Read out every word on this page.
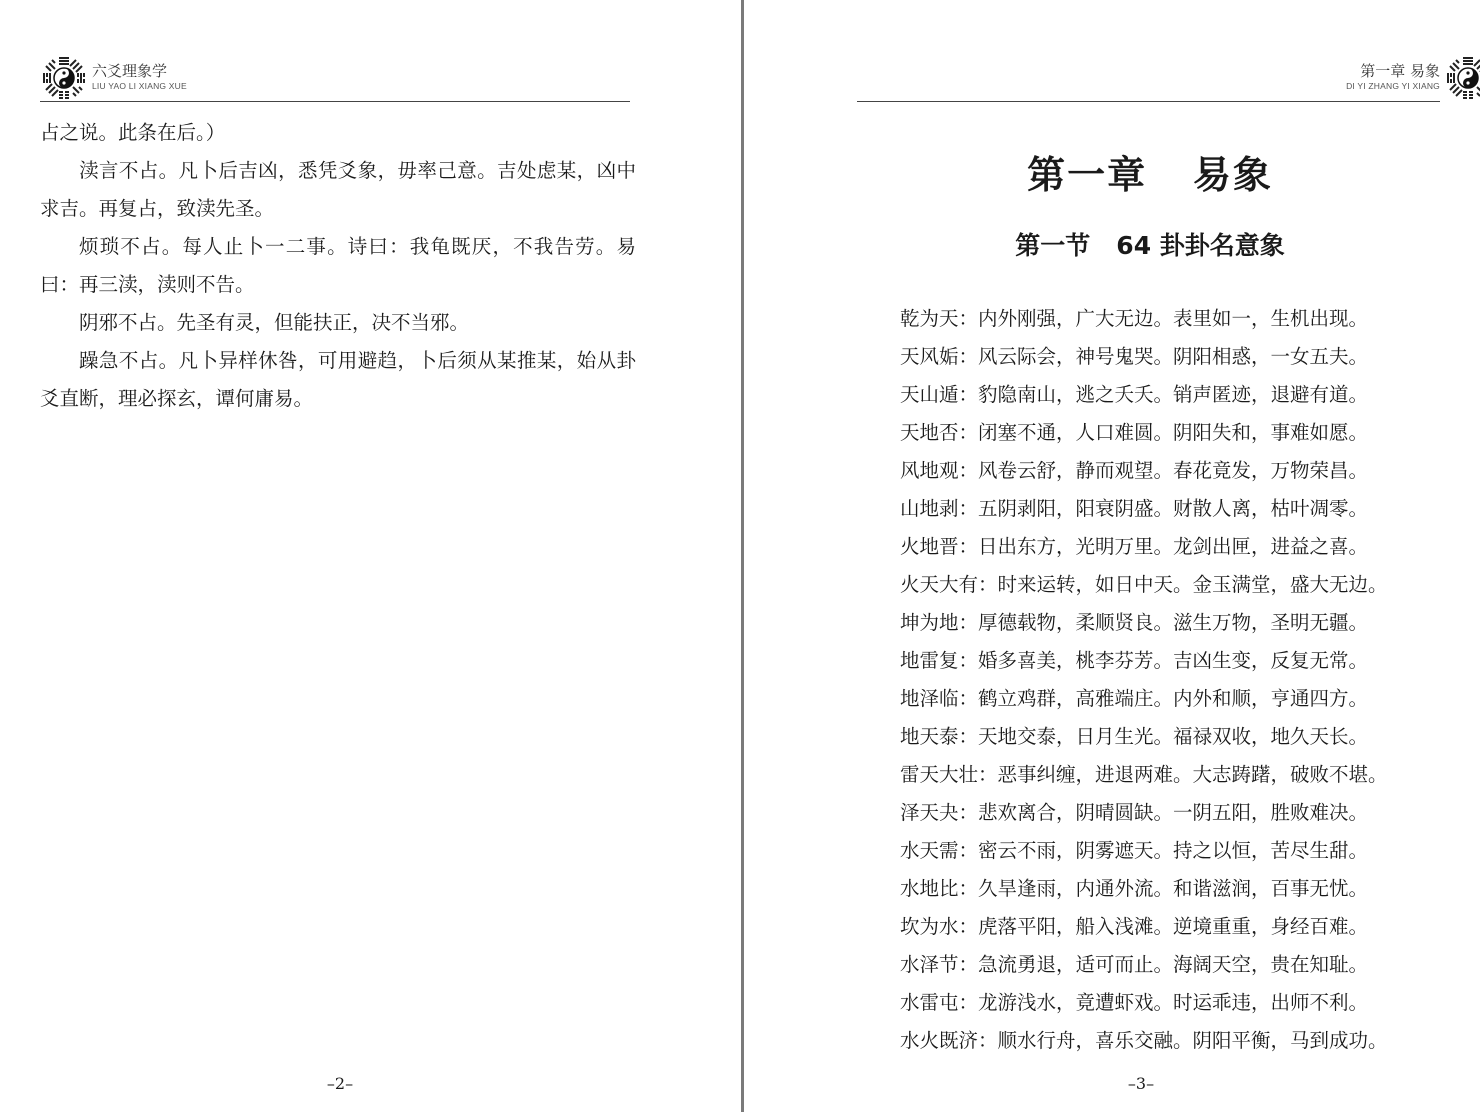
六爻理象学
LIU YAO LI XIANG XUE

占之说。此条在后。）

渎言不占。凡卜后吉凶，悉凭爻象，毋率己意。吉处虑某，凶中求吉。再复占，致渎先圣。

烦琐不占。每人止卜一二事。诗曰：我龟既厌，不我告劳。易曰：再三渎，渎则不告。

阴邪不占。先圣有灵，但能扶正，决不当邪。

躁急不占。凡卜异样休咎，可用避趋，卜后须从某推某，始从卦爻直断，理必探玄，谭何庸易。

–2–
第一章 易象
DI YI ZHANG YI XIANG
第一章   易象
第一节   64 卦卦名意象
乾为天：内外刚强，广大无边。表里如一，生机出现。
天风姤：风云际会，神号鬼哭。阴阳相惑，一女五夫。
天山遁：豹隐南山，逃之夭夭。销声匿迹，退避有道。
天地否：闭塞不通，人口难圆。阴阳失和，事难如愿。
风地观：风卷云舒，静而观望。春花竟发，万物荣昌。
山地剥：五阴剥阳，阳衰阴盛。财散人离，枯叶凋零。
火地晋：日出东方，光明万里。龙剑出匣，进益之喜。
火天大有：时来运转，如日中天。金玉满堂，盛大无边。
坤为地：厚德载物，柔顺贤良。滋生万物，圣明无疆。
地雷复：婚多喜美，桃李芬芳。吉凶生变，反复无常。
地泽临：鹤立鸡群，高雅端庄。内外和顺，亨通四方。
地天泰：天地交泰，日月生光。福禄双收，地久天长。
雷天大壮：恶事纠缠，进退两难。大志踌躇，破败不堪。
泽天夬：悲欢离合，阴晴圆缺。一阴五阳，胜败难决。
水天需：密云不雨，阴雾遮天。持之以恒，苦尽生甜。
水地比：久旱逢雨，内通外流。和谐滋润，百事无忧。
坎为水：虎落平阳，船入浅滩。逆境重重，身经百难。
水泽节：急流勇退，适可而止。海阔天空，贵在知耻。
水雷屯：龙游浅水，竟遭虾戏。时运乖违，出师不利。
水火既济：顺水行舟，喜乐交融。阴阳平衡，马到成功。
–3–
